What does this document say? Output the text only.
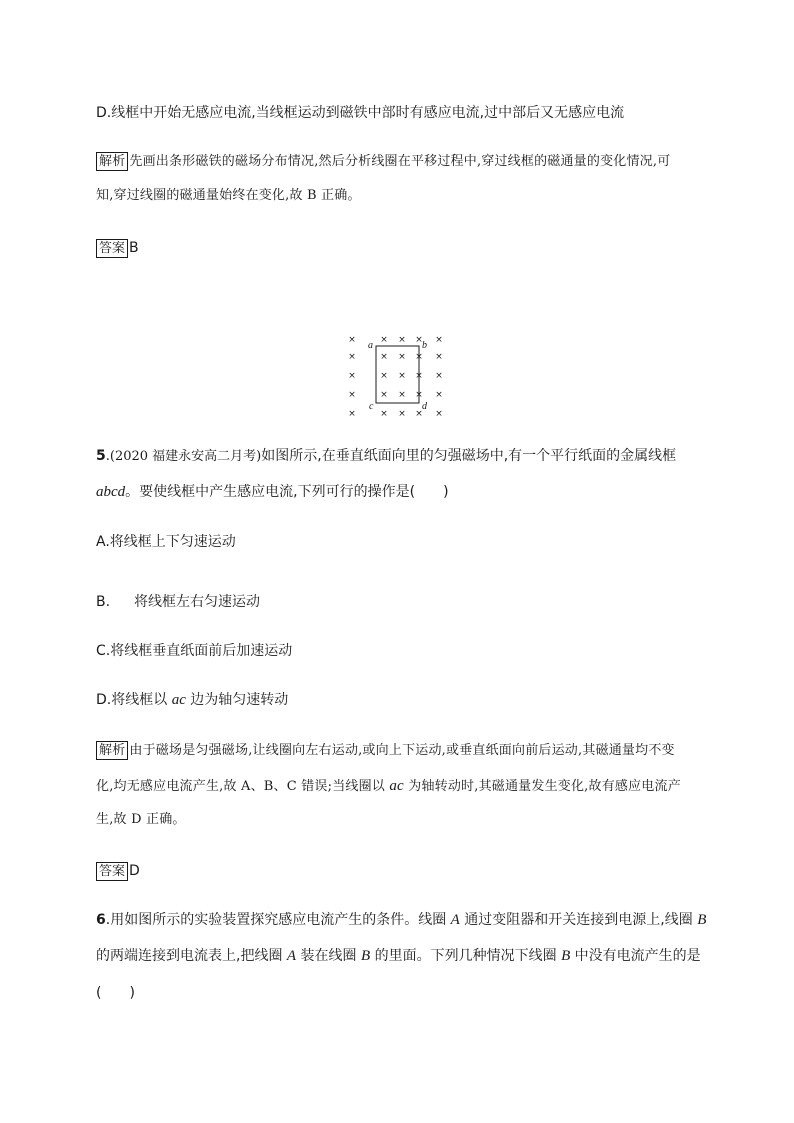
D.线框中开始无感应电流,当线框运动到磁铁中部时有感应电流,过中部后又无感应电流
解析 先画出条形磁铁的磁场分布情况,然后分析线圈在平移过程中,穿过线框的磁通量的变化情况,可
知,穿过线圈的磁通量始终在变化,故 B 正确。
答案 B
×
×
×
×
×
×
×
×
×
×
×
×
×
×
×
×
×
×
×
×
×
×
×
×
×
a	b
c	d
5.(2020 福建永安高二月考)如图所示,在垂直纸面向里的匀强磁场中,有一个平行纸面的金属线框
abcd。要使线框中产生感应电流,下列可行的操作是(　　)
A.将线框上下匀速运动
B. 将线框左右匀速运动
C.将线框垂直纸面前后加速运动
D.将线框以 ac 边为轴匀速转动
解析 由于磁场是匀强磁场,让线圈向左右运动,或向上下运动,或垂直纸面向前后运动,其磁通量均不变
化,均无感应电流产生,故 A、B、C 错误;当线圈以 ac 为轴转动时,其磁通量发生变化,故有感应电流产
生,故 D 正确。
答案 D
6.用如图所示的实验装置探究感应电流产生的条件。线圈 A 通过变阻器和开关连接到电源上,线圈 B
的两端连接到电流表上,把线圈 A 装在线圈 B 的里面。下列几种情况下线圈 B 中没有电流产生的是
(　　)
